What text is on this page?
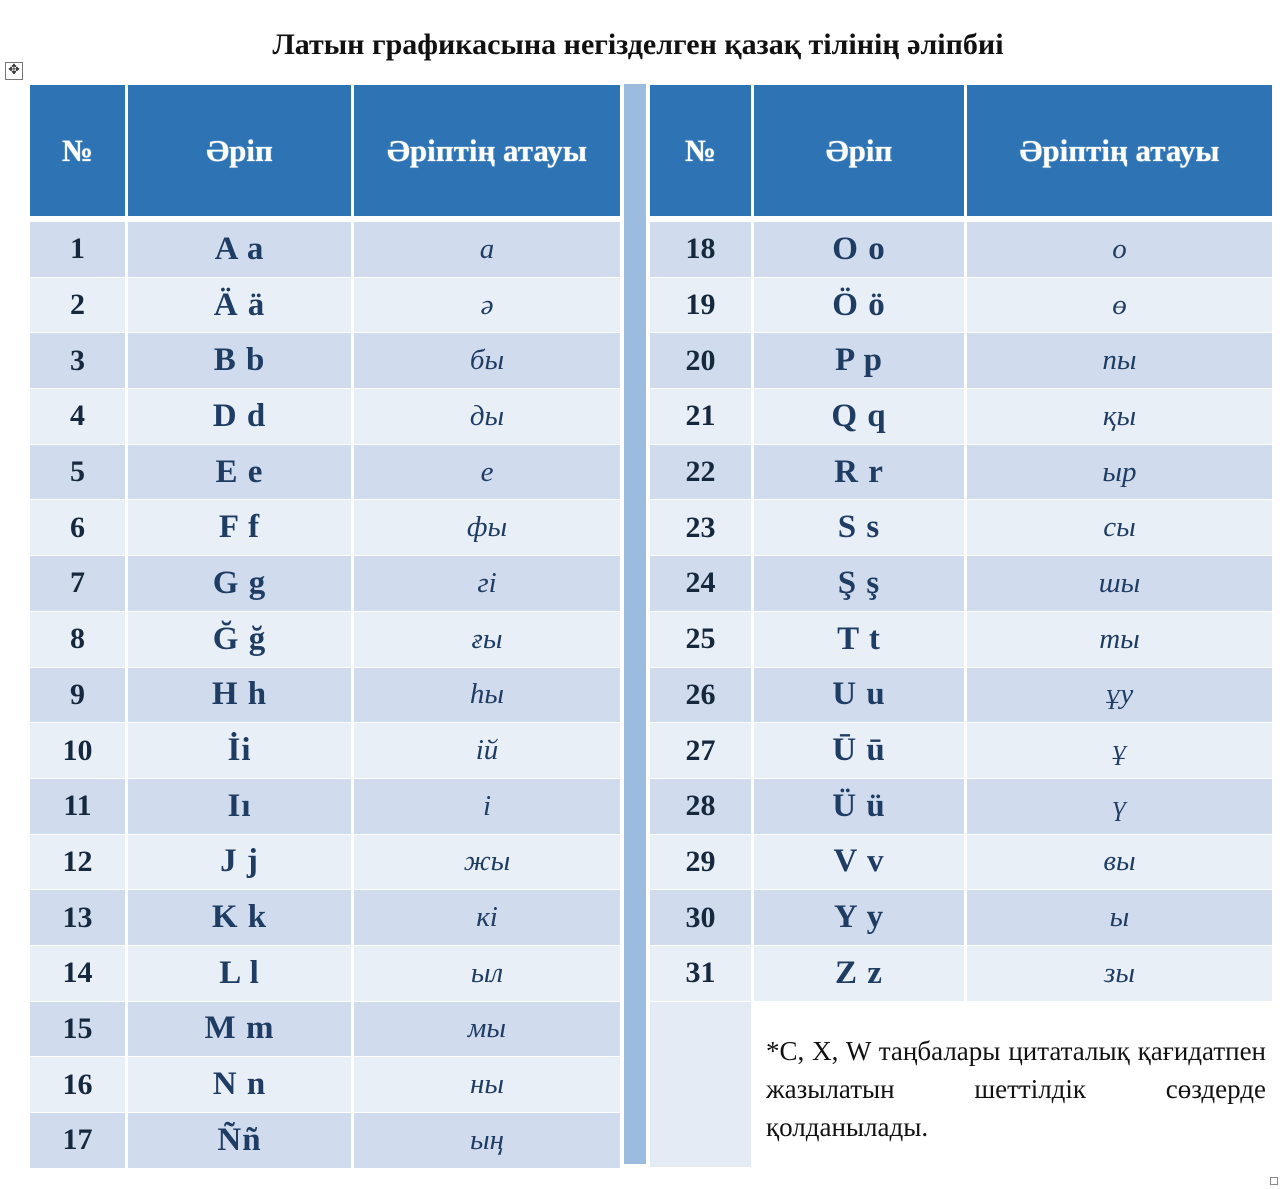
Латын графикасына негізделген қазақ тілінің әліпбиі
✥
№	Әріп	Әріптің атауы
1	A a	а
2	Ä ä	ә
3	B b	бы
4	D d	ды
5	E e	е
6	F f	фы
7	G g	гі
8	Ğ ğ	ғы
9	H h	һы
10	İi	ій
11	Iı	і
12	J j	жы
13	K k	кі
14	L l	ыл
15	M m	мы
16	N n	ны
17	Ññ	ың
№	Әріп	Әріптің атауы
18	O o	о
19	Ö ö	ө
20	P p	пы
21	Q q	қы
22	R r	ыр
23	S s	сы
24	Ş ş	шы
25	T t	ты
26	U u	ұу
27	Ū ū	ұ
28	Ü ü	ү
29	V v	вы
30	Y y	ы
31	Z z	зы
*C, X, W таңбалары цитаталық қағидатпен жазылатын шеттілдік сөздерде қолданылады.
